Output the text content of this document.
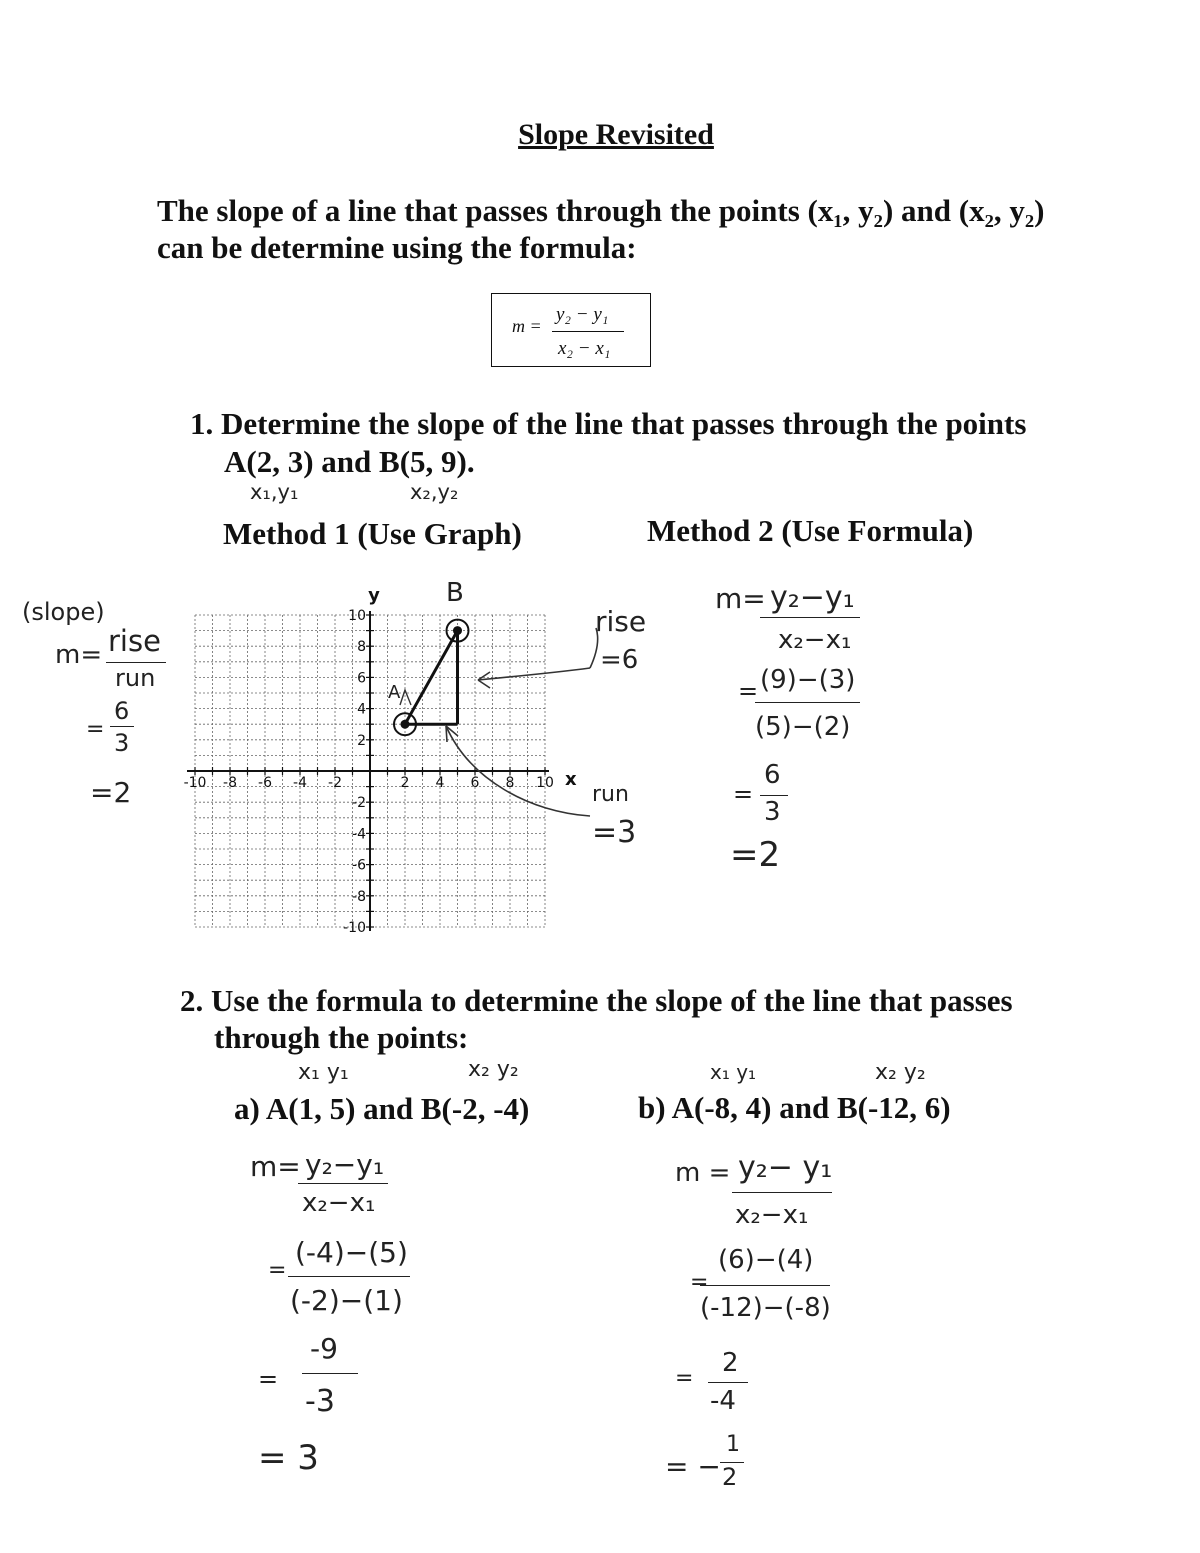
Slope Revisited
The slope of a line that passes through the points (x₁, y₂) and (x₂, y₂)
can be determine using the formula:
m =
y₂ − y₁
x₂ − x₁
1. Determine the slope of the line that passes through the points
A(2, 3) and B(5, 9).
x₁,y₁	x₂,y₂
Method 1 (Use Graph)	Method 2 (Use Formula)
(slope)
m= rise
run
=
6
3
=2	-10 -8 -6 -4 -2	2 4 6 8 10
10
8
6
4
2
-2
-4
-6
-8
-10
x
y	B
A
rise
=6
run
=3
m= y₂−y₁
x₂−x₁
= (9)−(3)
(5)−(2)
=
6
3
=2
2. Use the formula to determine the slope of the line that passes
through the points:
x₁ y₁	x₂ y₂
a) A(1, 5) and B(-2, -4)
x₁ y₁	x₂ y₂
b) A(-8, 4) and B(-12, 6)
m= y₂−y₁
x₂−x₁
=
(-4)−(5)
(-2)−(1)
=
-9
-3
= 3
m = y₂− y₁
x₂−x₁
=
(6)−(4)
(-12)−(-8)
=
2
-4
= −
1
2
